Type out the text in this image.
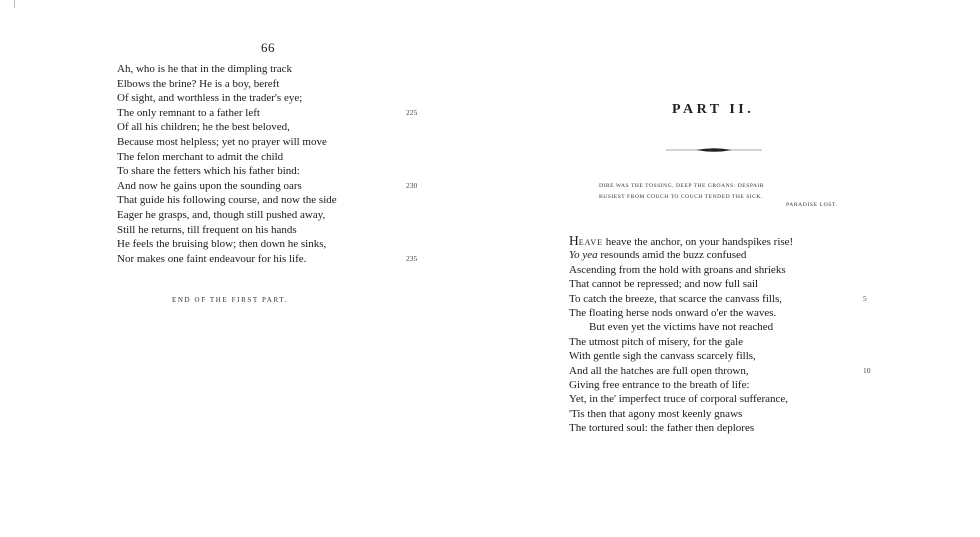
66
Ah, who is he that in the dimpling track
Elbows the brine? He is a boy, bereft
Of sight, and worthless in the trader's eye;
The only remnant to a father left	225
Of all his children; he the best beloved,
Because most helpless; yet no prayer will move
The felon merchant to admit the child
To share the fetters which his father bind:
And now he gains upon the sounding oars	230
That guide his following course, and now the side
Eager he grasps, and, though still pushed away,
Still he returns, till frequent on his hands
He feels the bruising blow; then down he sinks,
Nor makes one faint endeavour for his life.	235
END OF THE FIRST PART.
PART II.
DIRE WAS THE TOSSING, DEEP THE GROANS: DESPAIR
BUSIEST FROM COUCH TO COUCH TENDED THE SICK.
PARADISE LOST.
HEAVE heave the anchor, on your handspikes rise!
Yo yea resounds amid the buzz confused
Ascending from the hold with groans and shrieks
That cannot be repressed; and now full sail
To catch the breeze, that scarce the canvass fills,	5
The floating herse nods onward o'er the waves.
But even yet the victims have not reached
The utmost pitch of misery, for the gale
With gentle sigh the canvass scarcely fills,
And all the hatches are full open thrown,	10
Giving free entrance to the breath of life:
Yet, in the' imperfect truce of corporal sufferance,
'Tis then that agony most keenly gnaws
The tortured soul: the father then deplores
